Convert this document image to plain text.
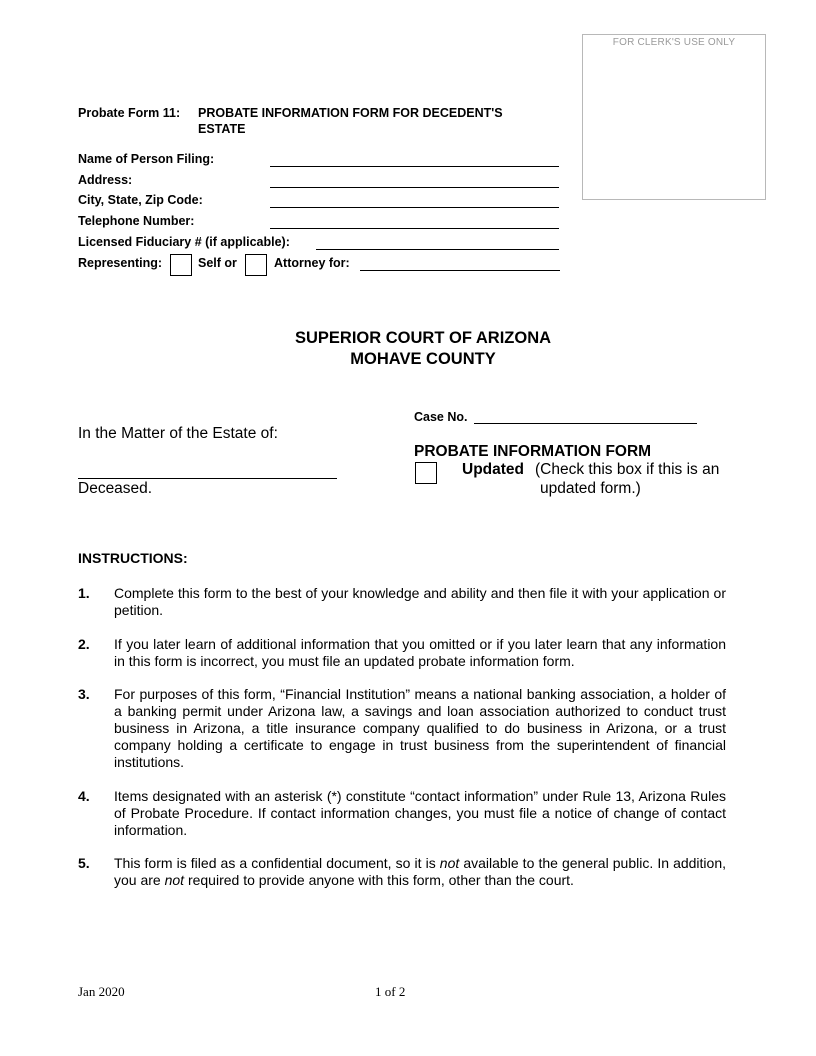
FOR CLERK'S USE ONLY
Probate Form 11: PROBATE INFORMATION FORM FOR DECEDENT'S
ESTATE
Name of Person Filing:
Address:
City, State, Zip Code:
Telephone Number:
Licensed Fiduciary # (if applicable):
Representing:	Self or	Attorney for:
SUPERIOR COURT OF ARIZONA
MOHAVE COUNTY
In the Matter of the Estate of:
Deceased.
Case No.
PROBATE INFORMATION FORM
Updated (Check this box if this is an
updated form.)
INSTRUCTIONS:
1. Complete this form to the best of your knowledge and ability and then file it with your application or petition.
2. If you later learn of additional information that you omitted or if you later learn that any information in this form is incorrect, you must file an updated probate information form.
3. For purposes of this form, “Financial Institution” means a national banking association, a holder of a banking permit under Arizona law, a savings and loan association authorized to conduct trust business in Arizona, a title insurance company qualified to do business in Arizona, or a trust company holding a certificate to engage in trust business from the superintendent of financial institutions.
4. Items designated with an asterisk (*) constitute “contact information” under Rule 13, Arizona Rules of Probate Procedure. If contact information changes, you must file a notice of change of contact information.
5. This form is filed as a confidential document, so it is not available to the general public. In addition, you are not required to provide anyone with this form, other than the court.
Jan 2020	1 of 2
